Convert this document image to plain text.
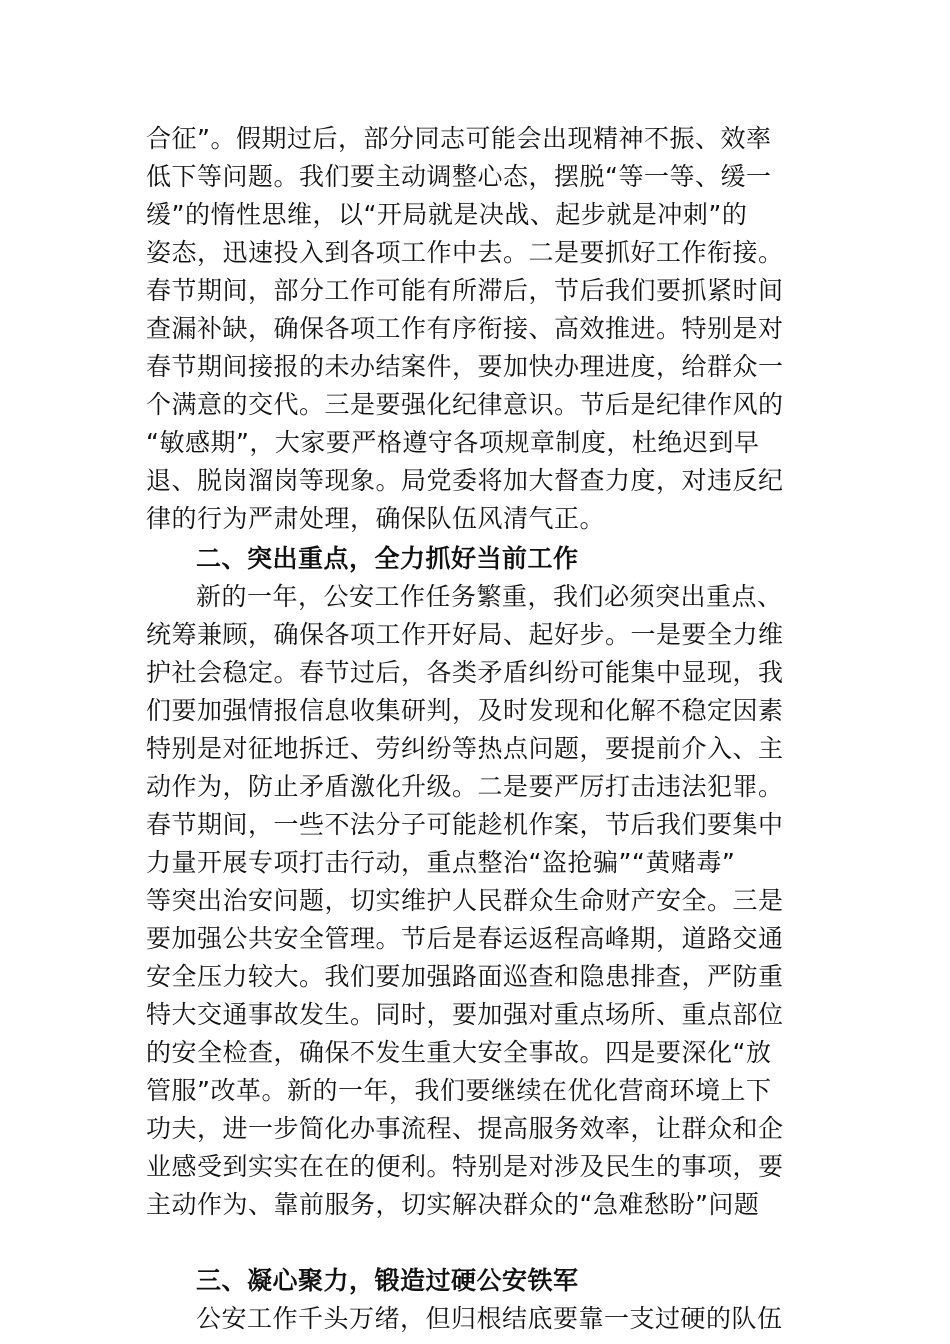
合征”。假期过后，部分同志可能会出现精神不振、效率
低下等问题。我们要主动调整心态，摆脱“等一等、缓一
缓”的惰性思维，以“开局就是决战、起步就是冲刺”的
姿态，迅速投入到各项工作中去。二是要抓好工作衔接。
春节期间，部分工作可能有所滞后，节后我们要抓紧时间
查漏补缺，确保各项工作有序衔接、高效推进。特别是对
春节期间接报的未办结案件，要加快办理进度，给群众一
个满意的交代。三是要强化纪律意识。节后是纪律作风的
“敏感期”，大家要严格遵守各项规章制度，杜绝迟到早
退、脱岗溜岗等现象。局党委将加大督查力度，对违反纪
律的行为严肃处理，确保队伍风清气正。
二、突出重点，全力抓好当前工作
新的一年，公安工作任务繁重，我们必须突出重点、
统筹兼顾，确保各项工作开好局、起好步。一是要全力维
护社会稳定。春节过后，各类矛盾纠纷可能集中显现，我
们要加强情报信息收集研判，及时发现和化解不稳定因素
特别是对征地拆迁、劳纠纷等热点问题，要提前介入、主
动作为，防止矛盾激化升级。二是要严厉打击违法犯罪。
春节期间，一些不法分子可能趁机作案，节后我们要集中
力量开展专项打击行动，重点整治“盗抢骗”“黄赌毒”
等突出治安问题，切实维护人民群众生命财产安全。三是
要加强公共安全管理。节后是春运返程高峰期，道路交通
安全压力较大。我们要加强路面巡查和隐患排查，严防重
特大交通事故发生。同时，要加强对重点场所、重点部位
的安全检查，确保不发生重大安全事故。四是要深化“放
管服”改革。新的一年，我们要继续在优化营商环境上下
功夫，进一步简化办事流程、提高服务效率，让群众和企
业感受到实实在在的便利。特别是对涉及民生的事项，要
主动作为、靠前服务，切实解决群众的“急难愁盼”问题
三、凝心聚力，锻造过硬公安铁军
公安工作千头万绪，但归根结底要靠一支过硬的队伍
